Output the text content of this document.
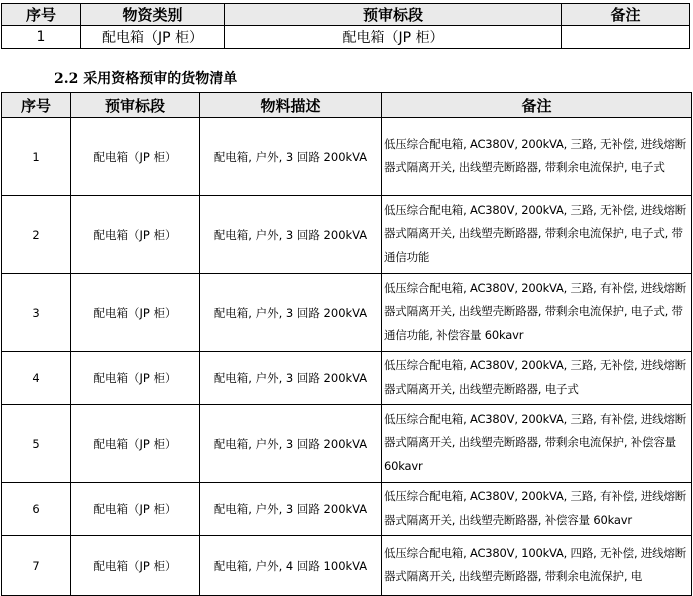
序号	物资类别	预审标段	备注
1	配电箱（JP 柜）	配电箱（JP 柜）	
2.2 采用资格预审的货物清单
序号	预审标段	物料描述	备注
1	配电箱（JP 柜）	配电箱, 户外, 3 回路 200kVA	低压综合配电箱, AC380V, 200kVA, 三路, 无补偿, 进线熔断器式隔离开关, 出线塑壳断路器, 带剩余电流保护, 电子式
2	配电箱（JP 柜）	配电箱, 户外, 3 回路 200kVA	低压综合配电箱, AC380V, 200kVA, 三路, 无补偿, 进线熔断器式隔离开关, 出线塑壳断路器, 带剩余电流保护, 电子式, 带通信功能
3	配电箱（JP 柜）	配电箱, 户外, 3 回路 200kVA	低压综合配电箱, AC380V, 200kVA, 三路, 有补偿, 进线熔断器式隔离开关, 出线塑壳断路器, 带剩余电流保护, 电子式, 带通信功能, 补偿容量 60kavr
4	配电箱（JP 柜）	配电箱, 户外, 3 回路 200kVA	低压综合配电箱, AC380V, 200kVA, 三路, 无补偿, 进线熔断器式隔离开关, 出线塑壳断路器, 电子式
5	配电箱（JP 柜）	配电箱, 户外, 3 回路 200kVA	低压综合配电箱, AC380V, 200kVA, 三路, 有补偿, 进线熔断器式隔离开关, 出线塑壳断路器, 带剩余电流保护, 补偿容量 60kavr
6	配电箱（JP 柜）	配电箱, 户外, 3 回路 200kVA	低压综合配电箱, AC380V, 200kVA, 三路, 有补偿, 进线熔断器式隔离开关, 出线塑壳断路器, 补偿容量 60kavr
7	配电箱（JP 柜）	配电箱, 户外, 4 回路 100kVA	低压综合配电箱, AC380V, 100kVA, 四路, 无补偿, 进线熔断器式隔离开关, 出线塑壳断路器, 带剩余电流保护, 电
